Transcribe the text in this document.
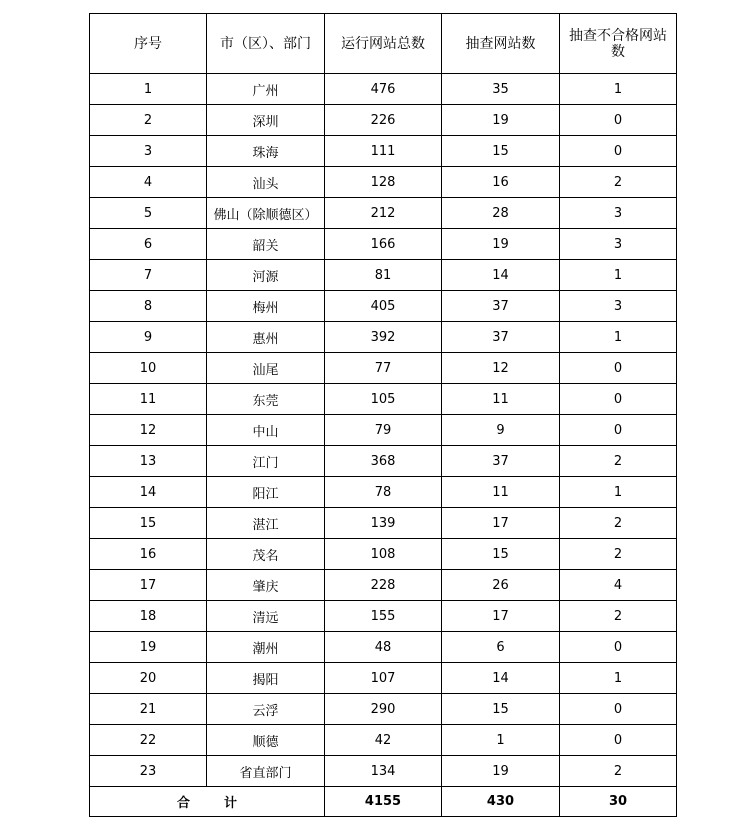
序号	市（区）、部门	运行网站总数	抽查网站数	抽查不合格网站数
1	广州	476	35	1
2	深圳	226	19	0
3	珠海	111	15	0
4	汕头	128	16	2
5	佛山（除顺德区）	212	28	3
6	韶关	166	19	3
7	河源	81	14	1
8	梅州	405	37	3
9	惠州	392	37	1
10	汕尾	77	12	0
11	东莞	105	11	0
12	中山	79	9	0
13	江门	368	37	2
14	阳江	78	11	1
15	湛江	139	17	2
16	茂名	108	15	2
17	肇庆	228	26	4
18	清远	155	17	2
19	潮州	48	6	0
20	揭阳	107	14	1
21	云浮	290	15	0
22	顺德	42	1	0
23	省直部门	134	19	2
合 计		4155	430	30
